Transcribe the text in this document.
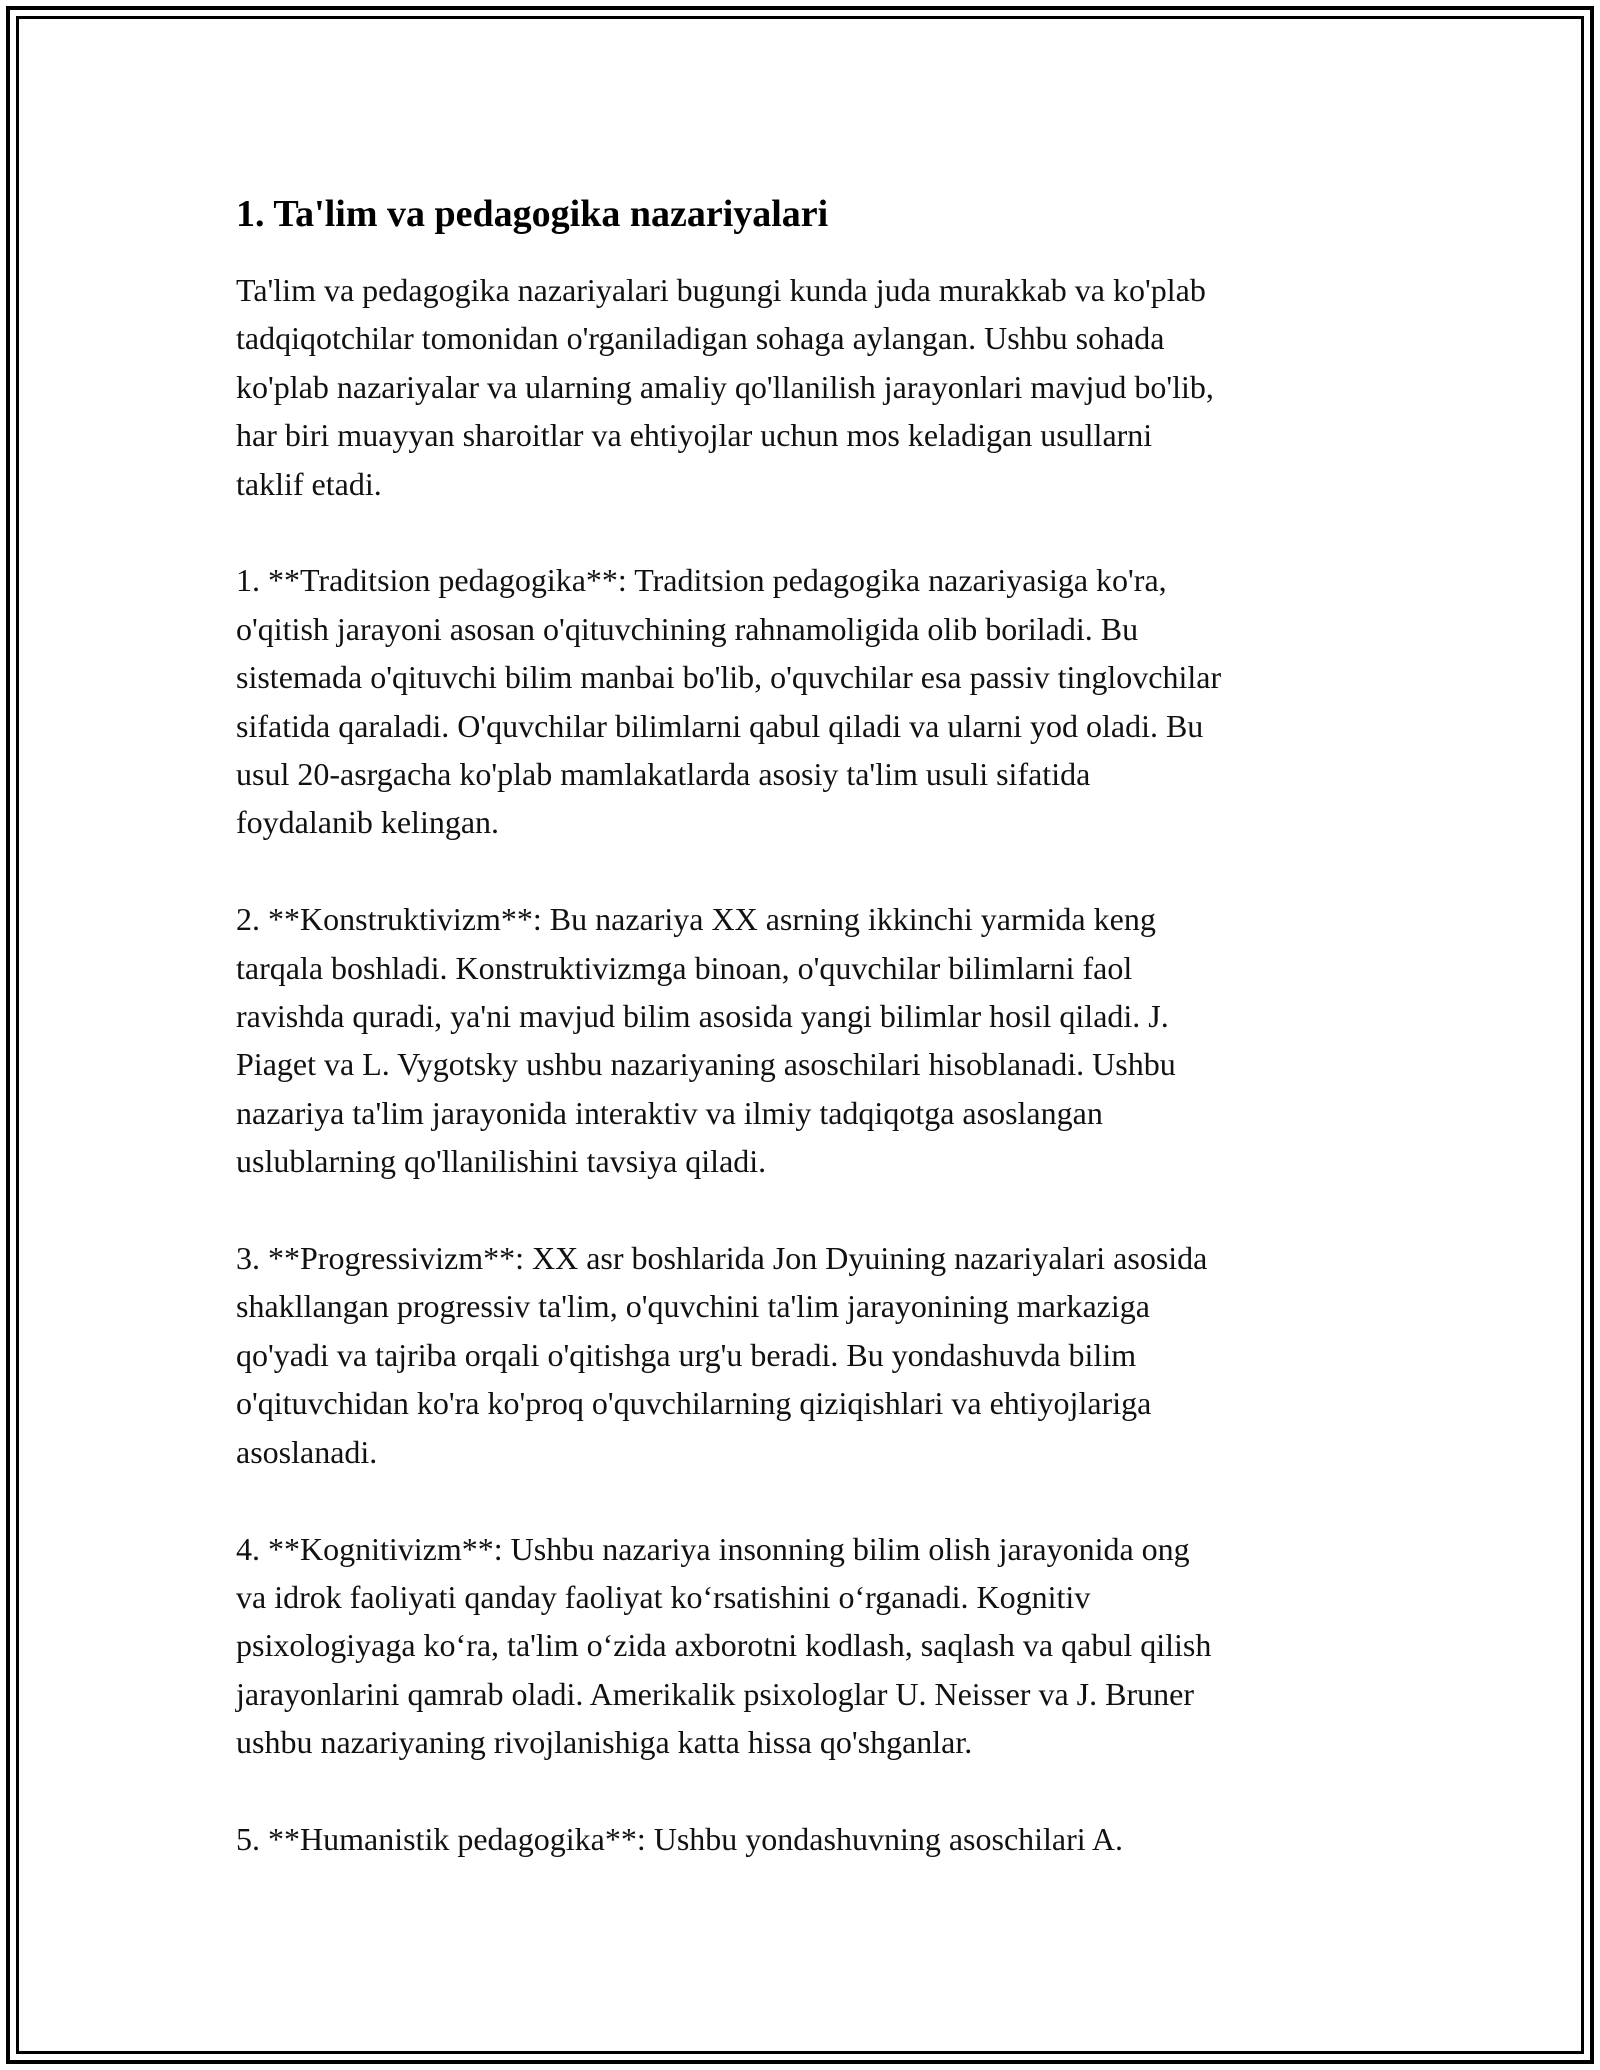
1. Ta'lim va pedagogika nazariyalari

Ta'lim va pedagogika nazariyalari bugungi kunda juda murakkab va ko'plab
tadqiqotchilar tomonidan o'rganiladigan sohaga aylangan. Ushbu sohada
ko'plab nazariyalar va ularning amaliy qo'llanilish jarayonlari mavjud bo'lib,
har biri muayyan sharoitlar va ehtiyojlar uchun mos keladigan usullarni
taklif etadi.

1. **Traditsion pedagogika**: Traditsion pedagogika nazariyasiga ko'ra,
o'qitish jarayoni asosan o'qituvchining rahnamoligida olib boriladi. Bu
sistemada o'qituvchi bilim manbai bo'lib, o'quvchilar esa passiv tinglovchilar
sifatida qaraladi. O'quvchilar bilimlarni qabul qiladi va ularni yod oladi. Bu
usul 20-asrgacha ko'plab mamlakatlarda asosiy ta'lim usuli sifatida
foydalanib kelingan.

2. **Konstruktivizm**: Bu nazariya XX asrning ikkinchi yarmida keng
tarqala boshladi. Konstruktivizmga binoan, o'quvchilar bilimlarni faol
ravishda quradi, ya'ni mavjud bilim asosida yangi bilimlar hosil qiladi. J.
Piaget va L. Vygotsky ushbu nazariyaning asoschilari hisoblanadi. Ushbu
nazariya ta'lim jarayonida interaktiv va ilmiy tadqiqotga asoslangan
uslublarning qo'llanilishini tavsiya qiladi.

3. **Progressivizm**: XX asr boshlarida Jon Dyuining nazariyalari asosida
shakllangan progressiv ta'lim, o'quvchini ta'lim jarayonining markaziga
qo'yadi va tajriba orqali o'qitishga urg'u beradi. Bu yondashuvda bilim
o'qituvchidan ko'ra ko'proq o'quvchilarning qiziqishlari va ehtiyojlariga
asoslanadi.

4. **Kognitivizm**: Ushbu nazariya insonning bilim olish jarayonida ong
va idrok faoliyati qanday faoliyat ko‘rsatishini o‘rganadi. Kognitiv
psixologiyaga ko‘ra, ta'lim o‘zida axborotni kodlash, saqlash va qabul qilish
jarayonlarini qamrab oladi. Amerikalik psixologlar U. Neisser va J. Bruner
ushbu nazariyaning rivojlanishiga katta hissa qo'shganlar.

5. **Humanistik pedagogika**: Ushbu yondashuvning asoschilari A.
